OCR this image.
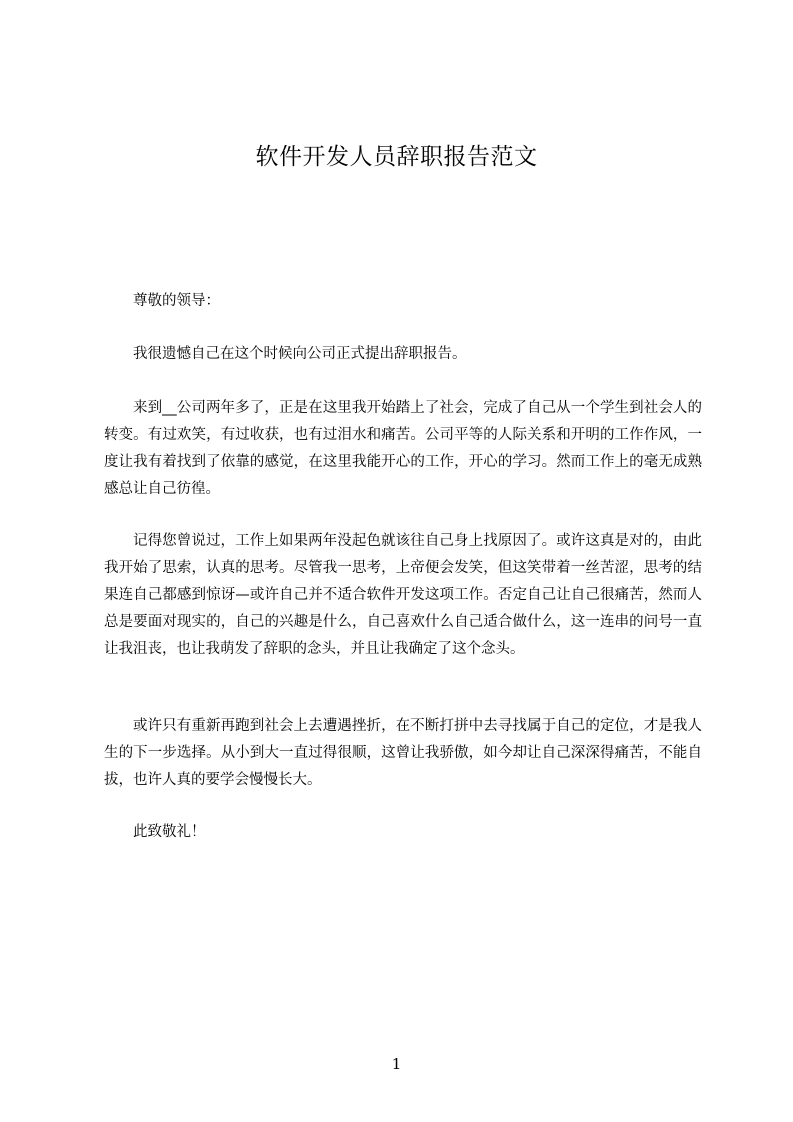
软件开发人员辞职报告范文

尊敬的领导：

我很遗憾自己在这个时候向公司正式提出辞职报告。

来到__公司两年多了，正是在这里我开始踏上了社会，完成了自己从一个学生到社会人的转变。有过欢笑，有过收获，也有过泪水和痛苦。公司平等的人际关系和开明的工作作风，一度让我有着找到了依靠的感觉，在这里我能开心的工作，开心的学习。然而工作上的毫无成熟感总让自己彷徨。

记得您曾说过，工作上如果两年没起色就该往自己身上找原因了。或许这真是对的，由此我开始了思索，认真的思考。尽管我一思考，上帝便会发笑，但这笑带着一丝苦涩，思考的结果连自己都感到惊讶—或许自己并不适合软件开发这项工作。否定自己让自己很痛苦，然而人总是要面对现实的，自己的兴趣是什么，自己喜欢什么自己适合做什么，这一连串的问号一直让我沮丧，也让我萌发了辞职的念头，并且让我确定了这个念头。

或许只有重新再跑到社会上去遭遇挫折，在不断打拼中去寻找属于自己的定位，才是我人生的下一步选择。从小到大一直过得很顺，这曾让我骄傲，如今却让自己深深得痛苦，不能自拔，也许人真的要学会慢慢长大。

此致敬礼！

1
